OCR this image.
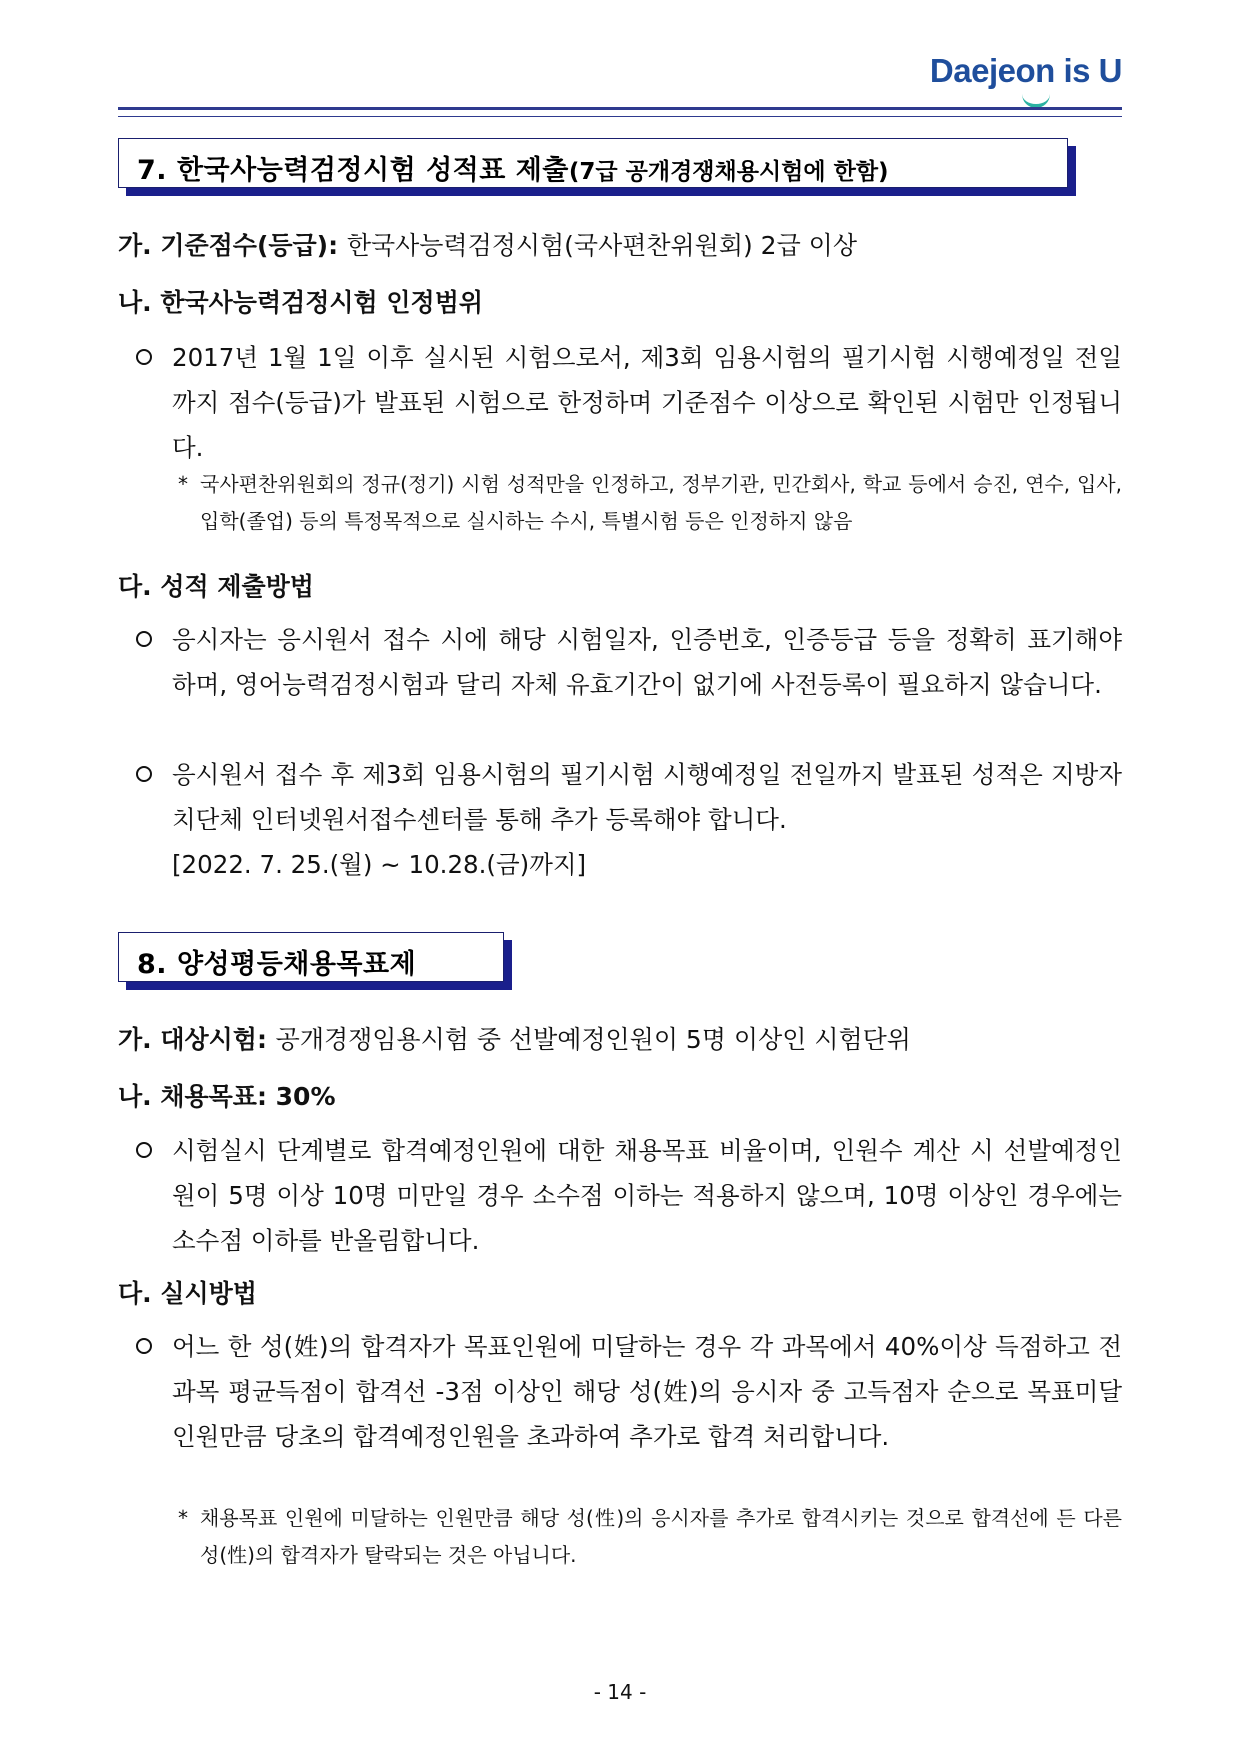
Daejeon is U
7. 한국사능력검정시험 성적표 제출(7급 공개경쟁채용시험에 한함)
가. 기준점수(등급): 한국사능력검정시험(국사편찬위원회) 2급 이상
나. 한국사능력검정시험 인정범위
2017년 1월 1일 이후 실시된 시험으로서, 제3회 임용시험의 필기시험 시행예정일 전일까지 점수(등급)가 발표된 시험으로 한정하며 기준점수 이상으로 확인된 시험만 인정됩니다.
* 국사편찬위원회의 정규(정기) 시험 성적만을 인정하고, 정부기관, 민간회사, 학교 등에서 승진, 연수, 입사, 입학(졸업) 등의 특정목적으로 실시하는 수시, 특별시험 등은 인정하지 않음
다. 성적 제출방법
응시자는 응시원서 접수 시에 해당 시험일자, 인증번호, 인증등급 등을 정확히 표기해야 하며, 영어능력검정시험과 달리 자체 유효기간이 없기에 사전등록이 필요하지 않습니다.
응시원서 접수 후 제3회 임용시험의 필기시험 시행예정일 전일까지 발표된 성적은 지방자치단체 인터넷원서접수센터를 통해 추가 등록해야 합니다.
[2022. 7. 25.(월) ~ 10.28.(금)까지]
8. 양성평등채용목표제
가. 대상시험: 공개경쟁임용시험 중 선발예정인원이 5명 이상인 시험단위
나. 채용목표: 30%
시험실시 단계별로 합격예정인원에 대한 채용목표 비율이며, 인원수 계산 시 선발예정인원이 5명 이상 10명 미만일 경우 소수점 이하는 적용하지 않으며, 10명 이상인 경우에는 소수점 이하를 반올림합니다.
다. 실시방법
어느 한 성(姓)의 합격자가 목표인원에 미달하는 경우 각 과목에서 40%이상 득점하고 전 과목 평균득점이 합격선 -3점 이상인 해당 성(姓)의 응시자 중 고득점자 순으로 목표미달 인원만큼 당초의 합격예정인원을 초과하여 추가로 합격 처리합니다.
* 채용목표 인원에 미달하는 인원만큼 해당 성(性)의 응시자를 추가로 합격시키는 것으로 합격선에 든 다른 성(性)의 합격자가 탈락되는 것은 아닙니다.
- 14 -
